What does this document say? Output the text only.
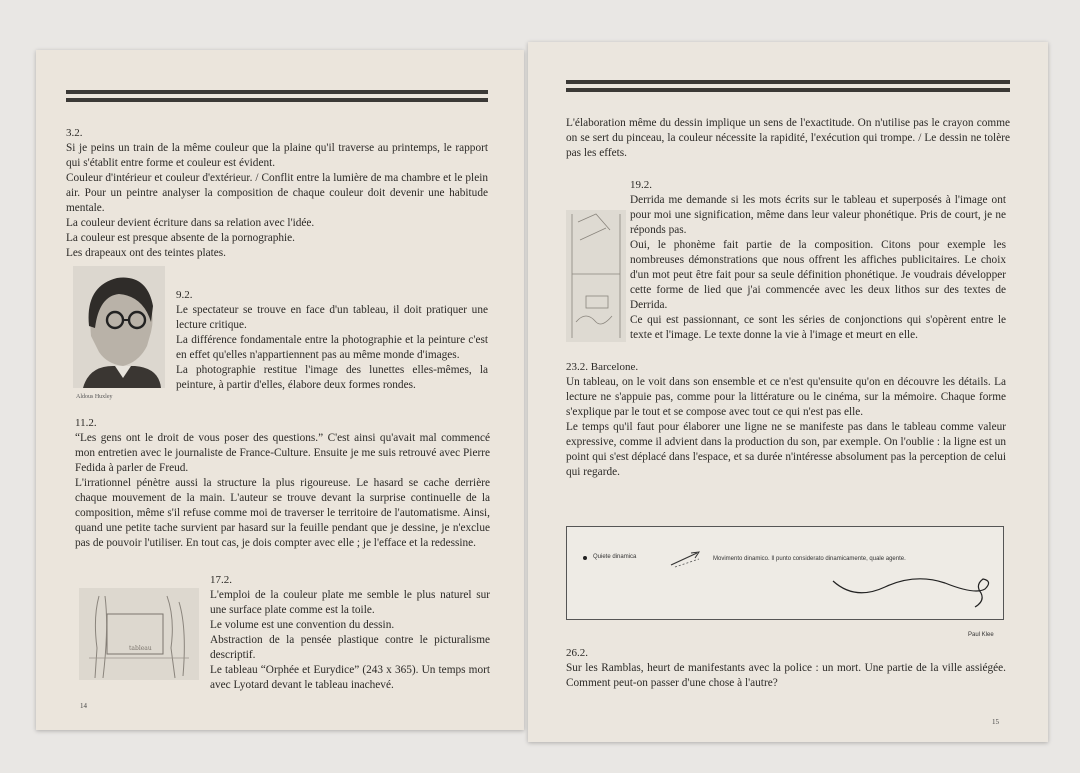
3.2.

Si je peins un train de la même couleur que la plaine qu'il traverse au printemps, le rapport qui s'établit entre forme et couleur est évident.

Couleur d'intérieur et couleur d'extérieur. / Conflit entre la lumière de ma chambre et le plein air. Pour un peintre analyser la composition de chaque couleur doit devenir une habitude mentale.

La couleur devient écriture dans sa relation avec l'idée.

La couleur est presque absente de la pornographie.

Les drapeaux ont des teintes plates.

Aldous Huxley

9.2.

Le spectateur se trouve en face d'un tableau, il doit pratiquer une lecture critique.

La différence fondamentale entre la photographie et la peinture c'est en effet qu'elles n'appartiennent pas au même monde d'images.

La photographie restitue l'image des lunettes elles-mêmes, la peinture, à partir d'elles, élabore deux formes rondes.

11.2.

“Les gens ont le droit de vous poser des questions.” C'est ainsi qu'avait mal commencé mon entretien avec le journaliste de France-Culture. Ensuite je me suis retrouvé avec Pierre Fedida à parler de Freud.

L'irrationnel pénètre aussi la structure la plus rigoureuse. Le hasard se cache derrière chaque mouvement de la main. L'auteur se trouve devant la surprise continuelle de la composition, même s'il refuse comme moi de traverser le territoire de l'automatisme. Ainsi, quand une petite tache survient par hasard sur la feuille pendant que je dessine, je n'exclue pas de pouvoir l'utiliser. En tout cas, je dois compter avec elle ; je l'efface et la redessine.

tableau

17.2.

L'emploi de la couleur plate me semble le plus naturel sur une surface plate comme est la toile.

Le volume est une convention du dessin.

Abstraction de la pensée plastique contre le picturalisme descriptif.

Le tableau “Orphée et Eurydice” (243 x 365). Un temps mort avec Lyotard devant le tableau inachevé.

14

L'élaboration même du dessin implique un sens de l'exactitude. On n'utilise pas le crayon comme on se sert du pinceau, la couleur nécessite la rapidité, l'exécution qui trompe. / Le dessin ne tolère pas les effets.

19.2.

Derrida me demande si les mots écrits sur le tableau et superposés à l'image ont pour moi une signification, même dans leur valeur phonétique. Pris de court, je ne réponds pas.

Oui, le phonème fait partie de la composition. Citons pour exemple les nombreuses démonstrations que nous offrent les affiches publicitaires. Le choix d'un mot peut être fait pour sa seule définition phonétique. Je voudrais développer cette forme de lied que j'ai commencée avec les deux lithos sur des textes de Derrida.

Ce qui est passionnant, ce sont les séries de conjonctions qui s'opèrent entre le texte et l'image. Le texte donne la vie à l'image et meurt en elle.

23.2. Barcelone.

Un tableau, on le voit dans son ensemble et ce n'est qu'ensuite qu'on en découvre les détails. La lecture ne s'appuie pas, comme pour la littérature ou le cinéma, sur la mémoire. Chaque forme s'explique par le tout et se compose avec tout ce qui n'est pas elle.

Le temps qu'il faut pour élaborer une ligne ne se manifeste pas dans le tableau comme valeur expressive, comme il advient dans la production du son, par exemple. On l'oublie : la ligne est un point qui s'est déplacé dans l'espace, et sa durée n'intéresse absolument pas la perception de celui qui regarde.

Quiete dinamica	Movimento dinamico. Il punto considerato dinamicamente, quale agente.
Paul Klee

26.2.

Sur les Ramblas, heurt de manifestants avec la police : un mort. Une partie de la ville assiégée. Comment peut-on passer d'une chose à l'autre?

15
